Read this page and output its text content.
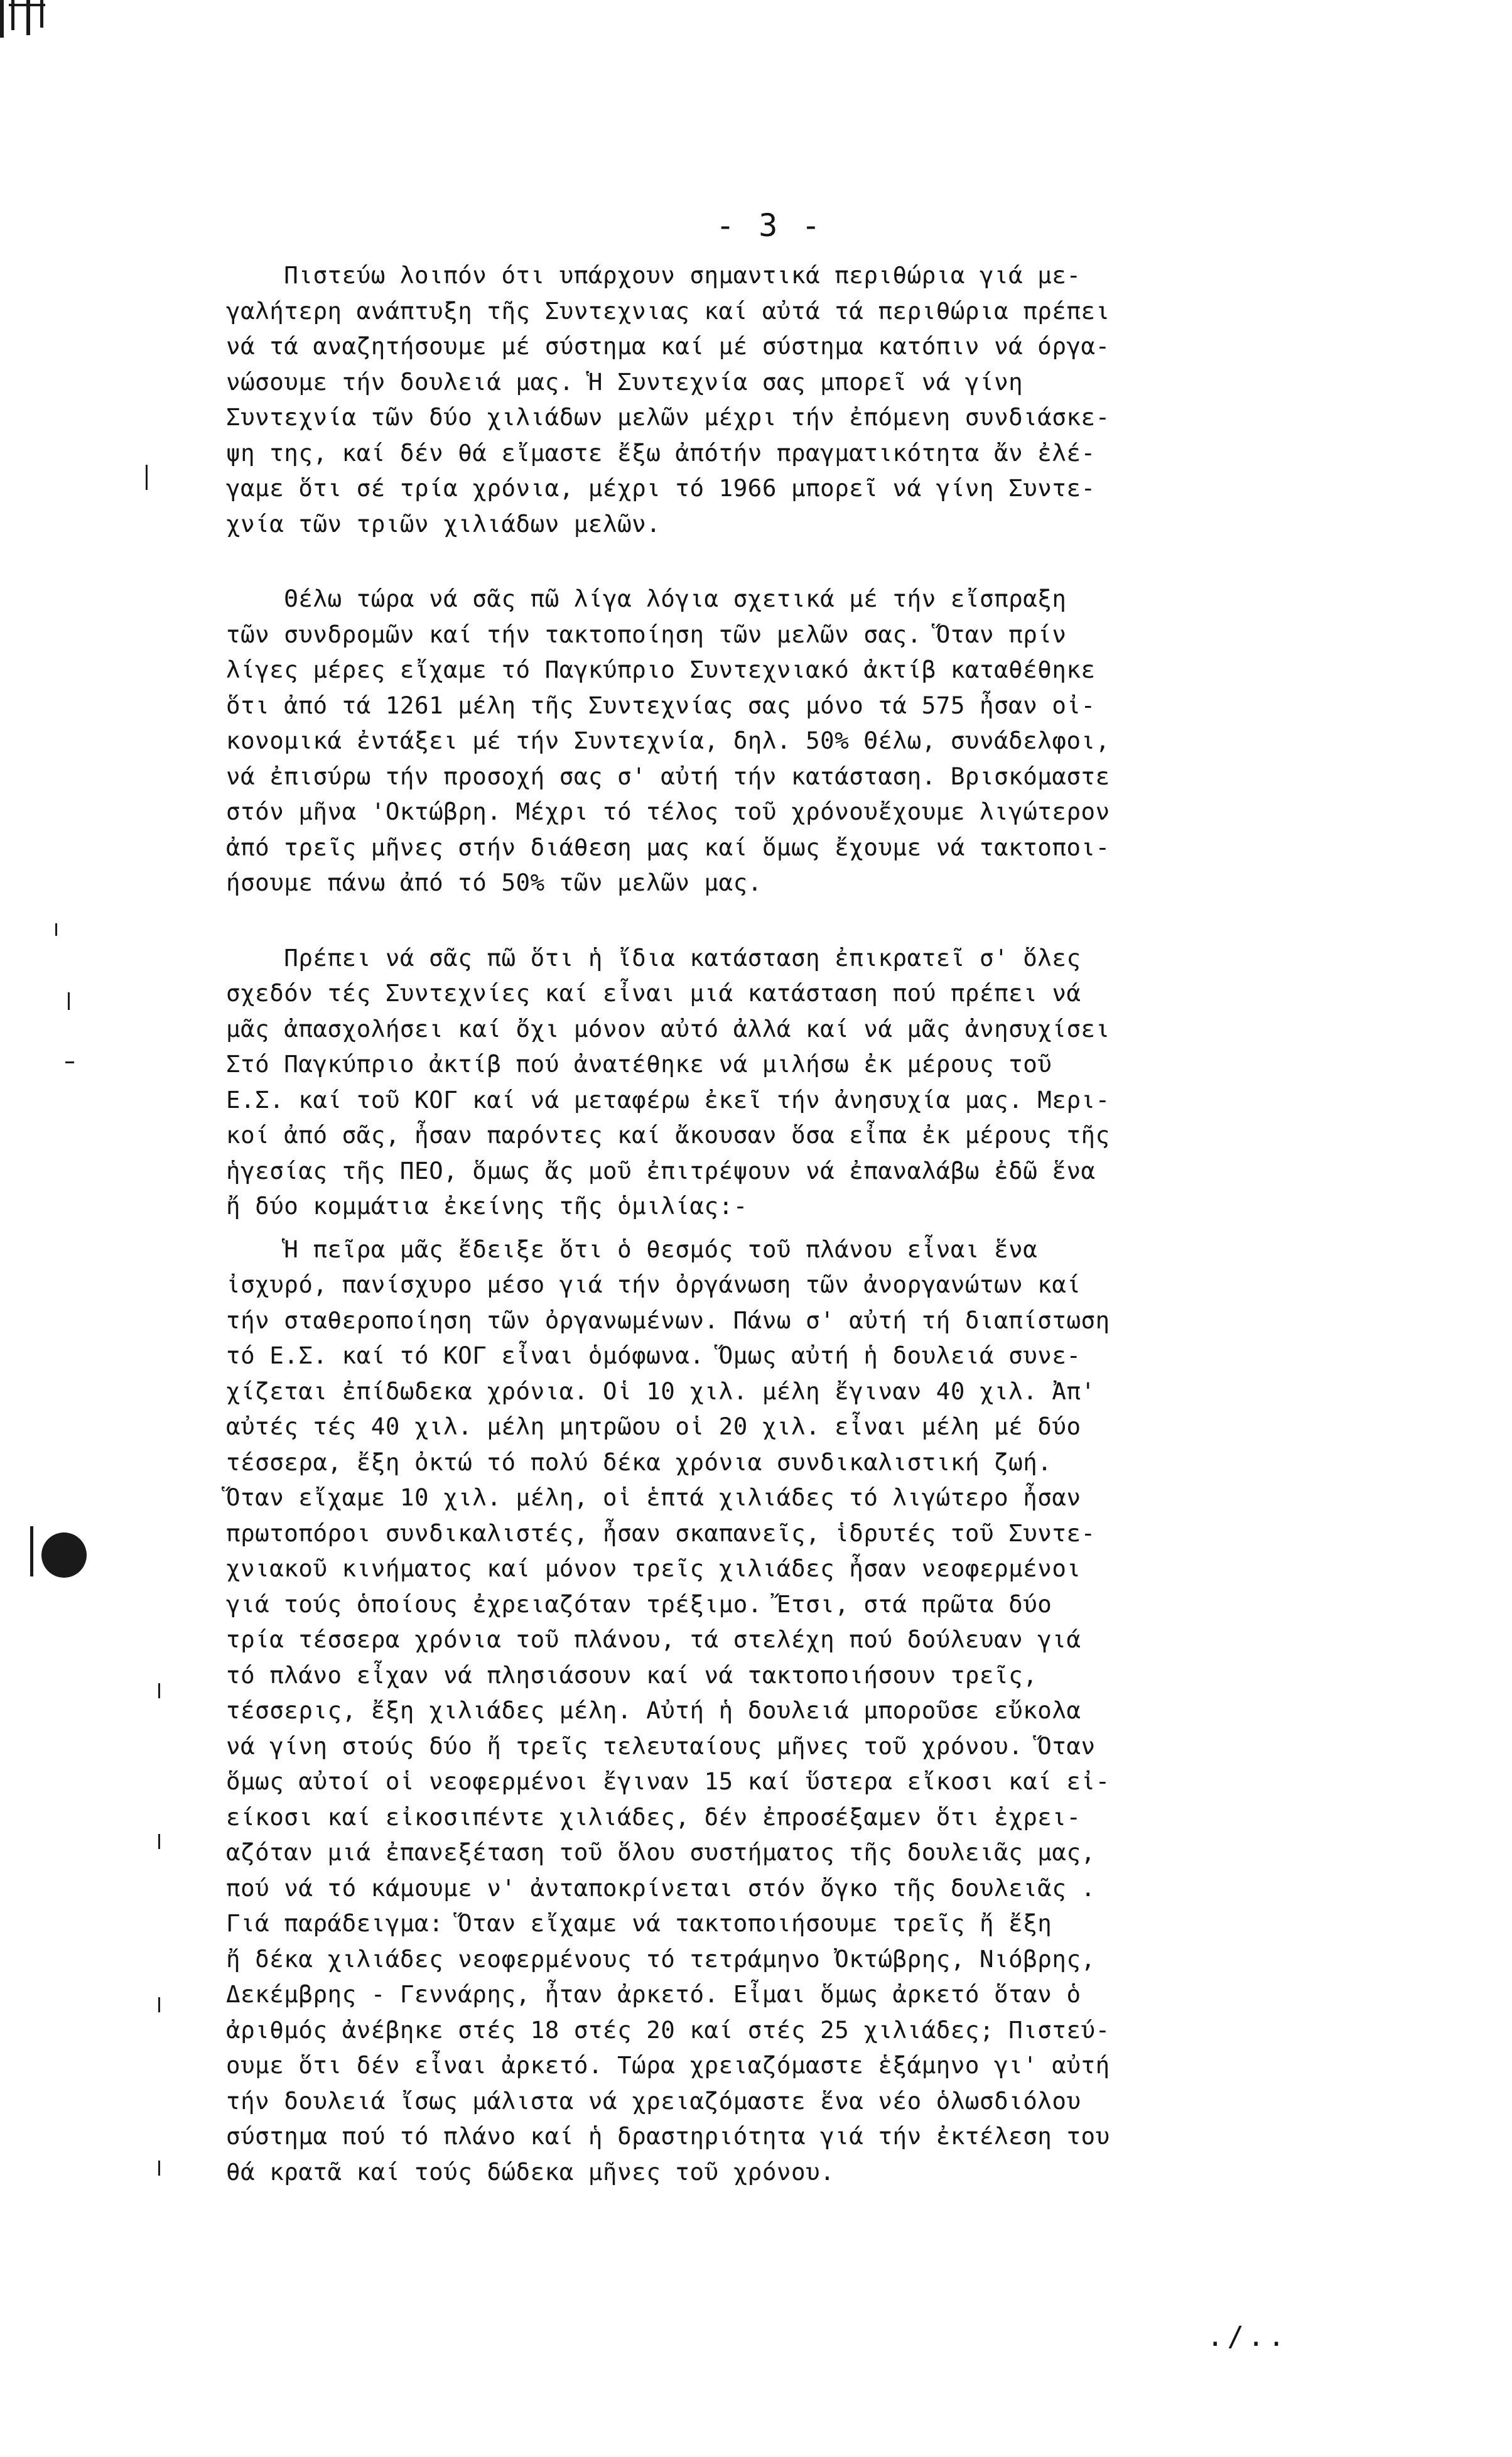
- 3 -
Πιστεύω λοιπόν ότι υπάρχουν σημαντικά περιθώρια γιά με-
γαλήτερη ανάπτυξη τῆς Συντεχνιας καί αὐτά τά περιθώρια πρέπει
νά τά αναζητήσουμε μέ σύστημα καί μέ σύστημα κατόπιν νά όργα-
νώσουμε τήν δουλειά μας. Ἡ Συντεχνία σας μπορεῖ νά γίνη
Συντεχνία τῶν δύο χιλιάδων μελῶν μέχρι τήν ἐπόμενη συνδιάσκε-
ψη της, καί δέν θά εἴμαστε ἔξω ἀπότήν πραγματικότητα ἄν ἐλέ-
γαμε ὅτι σέ τρία χρόνια, μέχρι τό 1966 μπορεῖ νά γίνη Συντε-
χνία τῶν τριῶν χιλιάδων μελῶν.
Θέλω τώρα νά σᾶς πῶ λίγα λόγια σχετικά μέ τήν εἴσπραξη
τῶν συνδρομῶν καί τήν τακτοποίηση τῶν μελῶν σας. Ὅταν πρίν
λίγες μέρες εἴχαμε τό Παγκύπριο Συντεχνιακό ἀκτίβ καταθέθηκε
ὅτι ἀπό τά 1261 μέλη τῆς Συντεχνίας σας μόνο τά 575 ἦσαν οἰ-
κονομικά ἐντάξει μέ τήν Συντεχνία, δηλ. 50% Θέλω, συνάδελφοι,
νά ἐπισύρω τήν προσοχή σας σ' αὐτή τήν κατάσταση. Βρισκόμαστε
στόν μῆνα 'Οκτώβρη. Μέχρι τό τέλος τοῦ χρόνουἔχουμε λιγώτερον
ἀπό τρεῖς μῆνες στήν διάθεση μας καί ὅμως ἔχουμε νά τακτοποι-
ήσουμε πάνω ἀπό τό 50% τῶν μελῶν μας.
Πρέπει νά σᾶς πῶ ὅτι ἡ ἴδια κατάσταση ἐπικρατεῖ σ' ὅλες
σχεδόν τές Συντεχνίες καί εἶναι μιά κατάσταση πού πρέπει νά
μᾶς ἀπασχολήσει καί ὄχι μόνον αὐτό ἀλλά καί νά μᾶς ἀνησυχίσει
Στό Παγκύπριο ἀκτίβ πού ἀνατέθηκε νά μιλήσω ἐκ μέρους τοῦ
Ε.Σ. καί τοῦ ΚΟΓ καί νά μεταφέρω ἐκεῖ τήν ἀνησυχία μας. Μερι-
κοί ἀπό σᾶς, ἦσαν παρόντες καί ἄκουσαν ὅσα εἶπα ἐκ μέρους τῆς
ἡγεσίας τῆς ΠΕΟ, ὅμως ἄς μοῦ ἐπιτρέψουν νά ἐπαναλάβω ἐδῶ ἕνα
ἤ δύο κομμάτια ἐκείνης τῆς ὁμιλίας:-
Ἡ πεῖρα μᾶς ἔδειξε ὅτι ὁ θεσμός τοῦ πλάνου εἶναι ἕνα
ἰσχυρό, πανίσχυρο μέσο γιά τήν ὀργάνωση τῶν ἀνοργανώτων καί
τήν σταθεροποίηση τῶν ὀργανωμένων. Πάνω σ' αὐτή τή διαπίστωση
τό Ε.Σ. καί τό ΚΟΓ εἶναι ὁμόφωνα. Ὅμως αὐτή ἡ δουλειά συνε-
χίζεται ἐπίδωδεκα χρόνια. Οἱ 10 χιλ. μέλη ἔγιναν 40 χιλ. Ἀπ'
αὐτές τές 40 χιλ. μέλη μητρῶου οἱ 20 χιλ. εἶναι μέλη μέ δύο
τέσσερα, ἔξη ὀκτώ τό πολύ δέκα χρόνια συνδικαλιστική ζωή.
Ὅταν εἴχαμε 10 χιλ. μέλη, οἱ ἑπτά χιλιάδες τό λιγώτερο ἦσαν
πρωτοπόροι συνδικαλιστές, ἦσαν σκαπανεῖς, ἱδρυτές τοῦ Συντε-
χνιακοῦ κινήματος καί μόνον τρεῖς χιλιάδες ἦσαν νεοφερμένοι
γιά τούς ὁποίους ἐχρειαζόταν τρέξιμο. Ἔτσι, στά πρῶτα δύο
τρία τέσσερα χρόνια τοῦ πλάνου, τά στελέχη πού δούλευαν γιά
τό πλάνο εἶχαν νά πλησιάσουν καί νά τακτοποιήσουν τρεῖς,
τέσσερις, ἔξη χιλιάδες μέλη. Αὐτή ἡ δουλειά μποροῦσε εὔκολα
νά γίνη στούς δύο ἤ τρεῖς τελευταίους μῆνες τοῦ χρόνου. Ὅταν
ὅμως αὐτοί οἱ νεοφερμένοι ἔγιναν 15 καί ὕστερα εἴκοσι καί εἰ-
είκοσι καί εἰκοσιπέντε χιλιάδες, δέν ἐπροσέξαμεν ὅτι ἐχρει-
αζόταν μιά ἐπανεξέταση τοῦ ὅλου συστήματος τῆς δουλειᾶς μας,
πού νά τό κάμουμε ν' ἀνταποκρίνεται στόν ὄγκο τῆς δουλειᾶς .
Γιά παράδειγμα: Ὅταν εἴχαμε νά τακτοποιήσουμε τρεῖς ἤ ἔξη
ἤ δέκα χιλιάδες νεοφερμένους τό τετράμηνο Ὀκτώβρης, Νιόβρης,
Δεκέμβρης - Γεννάρης, ἦταν ἀρκετό. Εἶμαι ὅμως ἀρκετό ὅταν ὁ
ἀριθμός ἀνέβηκε στές 18 στές 20 καί στές 25 χιλιάδες; Πιστεύ-
ουμε ὅτι δέν εἶναι ἀρκετό. Τώρα χρειαζόμαστε ἑξάμηνο γι' αὐτή
τήν δουλειά ἴσως μάλιστα νά χρειαζόμαστε ἕνα νέο ὁλωσδιόλου
σύστημα πού τό πλάνο καί ἡ δραστηριότητα γιά τήν ἐκτέλεση του
θά κρατᾶ καί τούς δώδεκα μῆνες τοῦ χρόνου.
./..
